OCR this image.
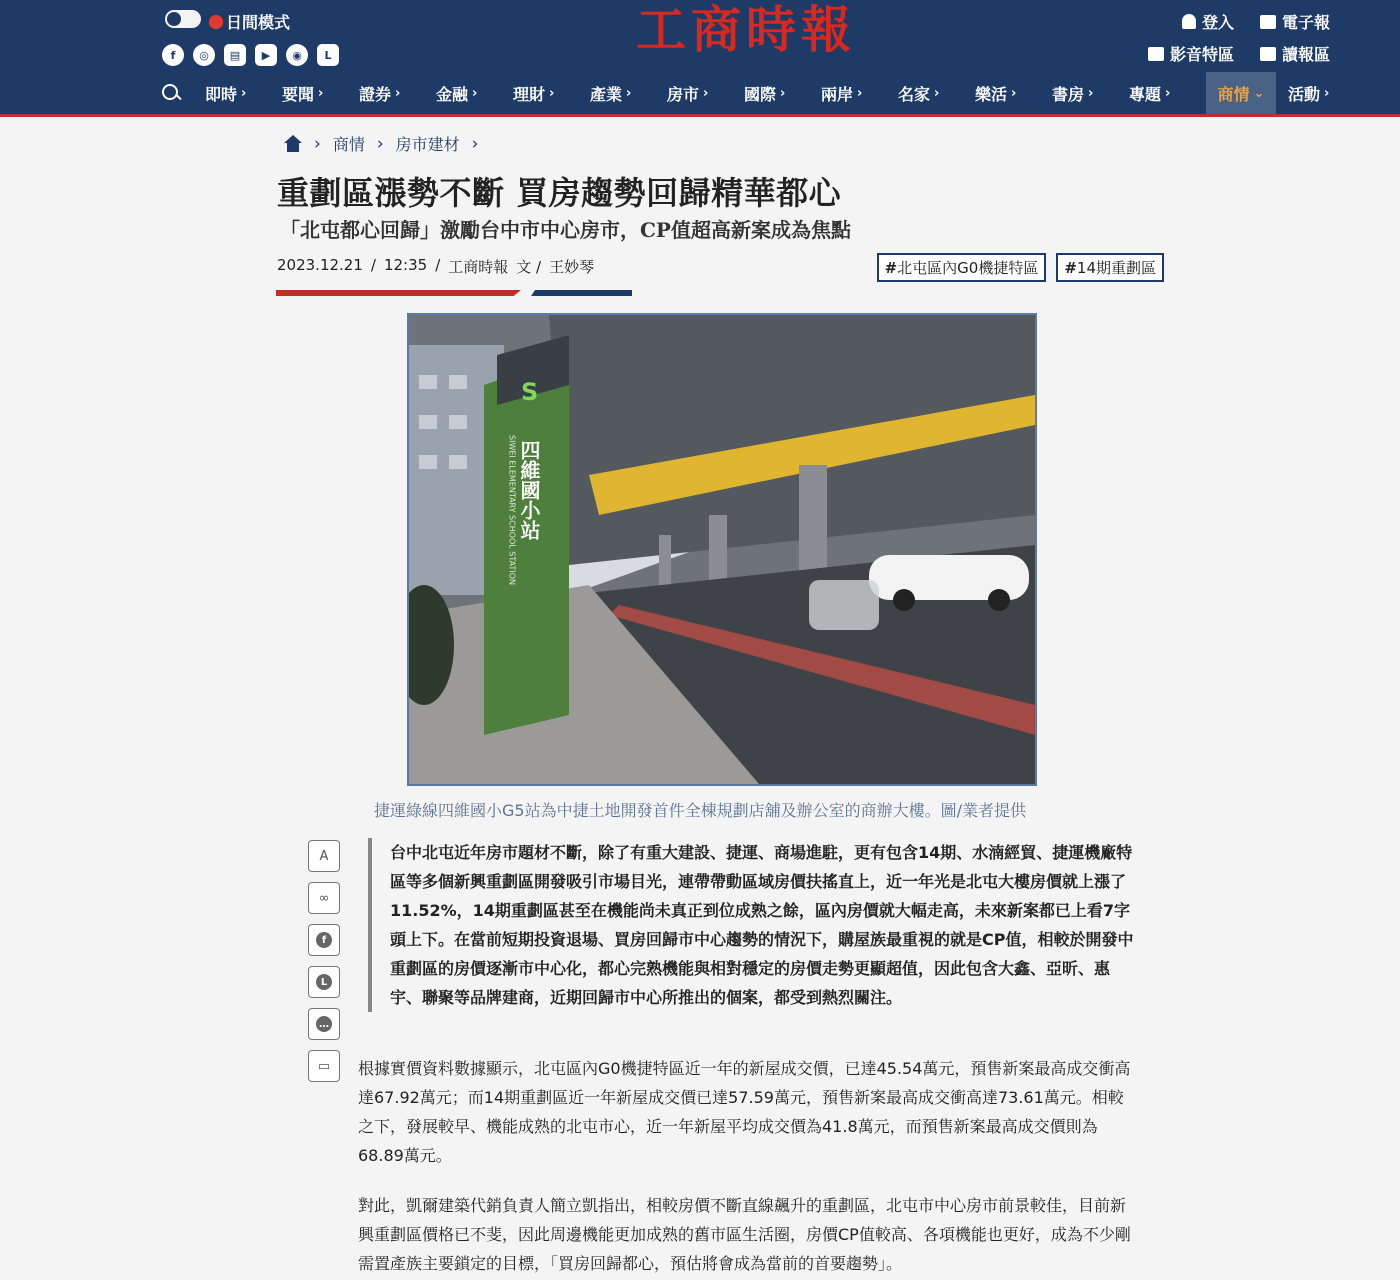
日間模式
f	◎	▤	▶	◉	L	工商時報	登入	電子報
影音特區	讀報區
即時 › 要聞 › 證券 › 金融 › 理財 › 產業 › 房市 › 國際 › 兩岸 › 名家 › 樂活 › 書房 › 專題 ›	商情 ⌄ 活動 ›
› 商情 › 房市建材 ›
重劃區漲勢不斷 買房趨勢回歸精華都心
「北屯都心回歸」激勵台中市中心房市，CP值超高新案成為焦點
2023.12.21 / 12:35 / 工商時報 文 / 王妙琴	#北屯區內G0機捷特區	#14期重劃區
S
四維國小站
SIWEI ELEMENTARY SCHOOL STATION
捷運綠線四維國小G5站為中捷土地開發首件全棟規劃店舖及辦公室的商辦大樓。圖/業者提供
A
∞
f
L
…
▭
台中北屯近年房市題材不斷，除了有重大建設、捷運、商場進駐，更有包含14期、水湳經貿、捷運機廠特區等多個新興重劃區開發吸引市場目光，連帶帶動區域房價扶搖直上，近一年光是北屯大樓房價就上漲了11.52%，14期重劃區甚至在機能尚未真正到位成熟之餘，區內房價就大幅走高，未來新案都已上看7字頭上下。在當前短期投資退場、買房回歸市中心趨勢的情況下，購屋族最重視的就是CP值，相較於開發中重劃區的房價逐漸市中心化，都心完熟機能與相對穩定的房價走勢更顯超值，因此包含大鑫、亞昕、惠宇、聯聚等品牌建商，近期回歸市中心所推出的個案，都受到熱烈關注。

根據實價資料數據顯示，北屯區內G0機捷特區近一年的新屋成交價，已達45.54萬元，預售新案最高成交衝高達67.92萬元；而14期重劃區近一年新屋成交價已達57.59萬元，預售新案最高成交衝高達73.61萬元。相較之下，發展較早、機能成熟的北屯市心，近一年新屋平均成交價為41.8萬元，而預售新案最高成交價則為68.89萬元。

對此，凱爾建築代銷負責人簡立凱指出，相較房價不斷直線飆升的重劃區，北屯市中心房市前景較佳，目前新興重劃區價格已不斐，因此周邊機能更加成熟的舊市區生活圈，房價CP值較高、各項機能也更好，成為不少剛需置產族主要鎖定的目標，「買房回歸都心，預估將會成為當前的首要趨勢」。
